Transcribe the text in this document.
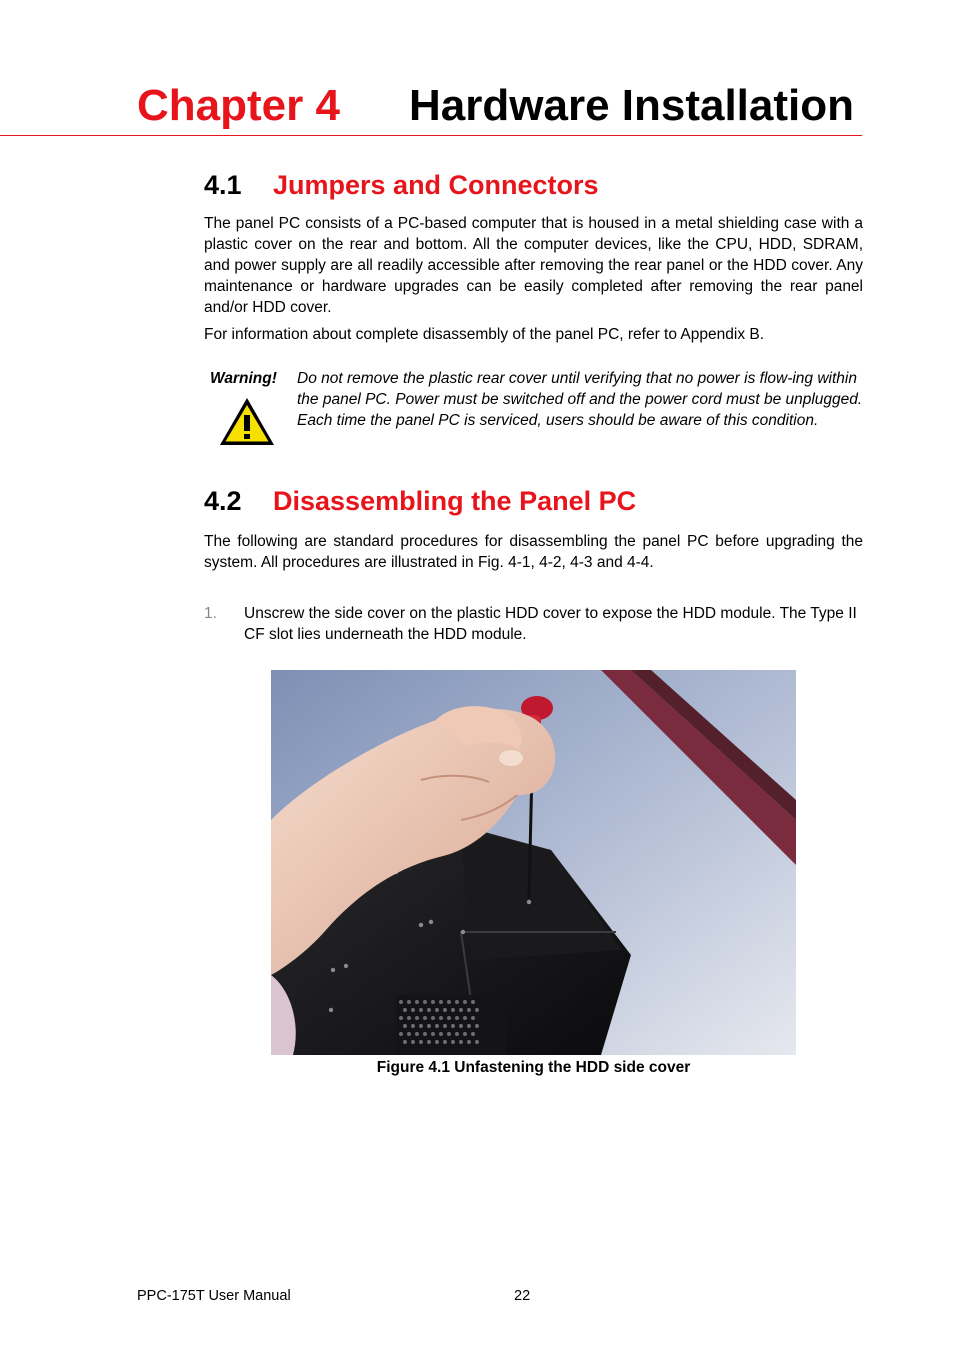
Chapter 4 Hardware Installation
4.1 Jumpers and Connectors

The panel PC consists of a PC-based computer that is housed in a metal shielding case with a plastic cover on the rear and bottom. All the computer devices, like the CPU, HDD, SDRAM, and power supply are all readily accessible after removing the rear panel or the HDD cover. Any maintenance or hardware upgrades can be easily completed after removing the rear panel and/or HDD cover.

For information about complete disassembly of the panel PC, refer to Appendix B.

Warning! Do not remove the plastic rear cover until verifying that no power is flow-ing within the panel PC. Power must be switched off and the power cord must be unplugged. Each time the panel PC is serviced, users should be aware of this condition.

4.2 Disassembling the Panel PC

The following are standard procedures for disassembling the panel PC before upgrading the system. All procedures are illustrated in Fig. 4-1, 4-2, 4-3 and 4-4.

1. Unscrew the side cover on the plastic HDD cover to expose the HDD module. The Type II CF slot lies underneath the HDD module.

Figure 4.1 Unfastening the HDD side cover
PPC-175T User Manual	22
